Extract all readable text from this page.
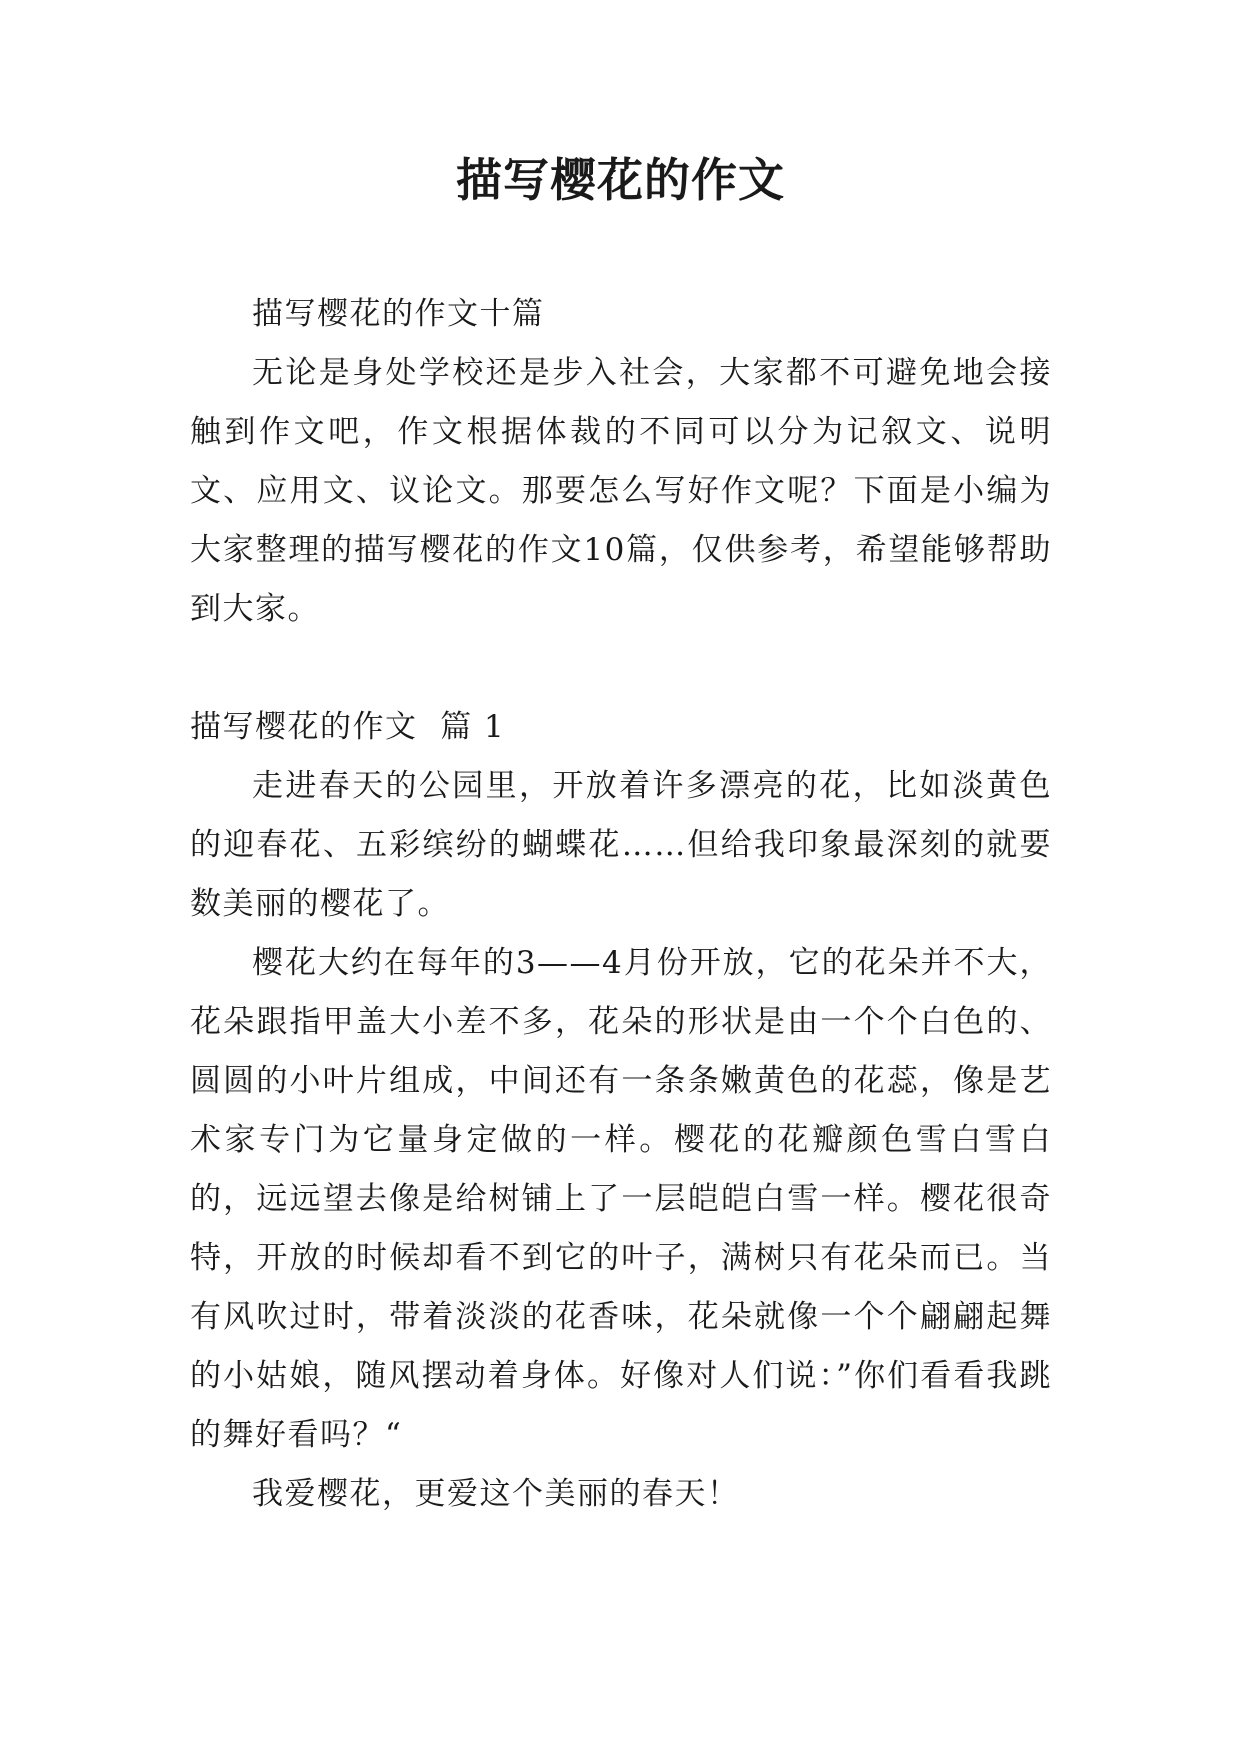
描写樱花的作文

描写樱花的作文十篇

无论是身处学校还是步入社会，大家都不可避免地会接触到作文吧，作文根据体裁的不同可以分为记叙文、说明文、应用文、议论文。那要怎么写好作文呢？下面是小编为大家整理的描写樱花的作文10篇，仅供参考，希望能够帮助到大家。

描写樱花的作文  篇 1

走进春天的公园里，开放着许多漂亮的花，比如淡黄色的迎春花、五彩缤纷的蝴蝶花……但给我印象最深刻的就要数美丽的樱花了。

樱花大约在每年的3——4月份开放，它的花朵并不大，花朵跟指甲盖大小差不多，花朵的形状是由一个个白色的、圆圆的小叶片组成，中间还有一条条嫩黄色的花蕊，像是艺术家专门为它量身定做的一样。樱花的花瓣颜色雪白雪白的，远远望去像是给树铺上了一层皑皑白雪一样。樱花很奇特，开放的时候却看不到它的叶子，满树只有花朵而已。当有风吹过时，带着淡淡的花香味，花朵就像一个个翩翩起舞的小姑娘，随风摆动着身体。好像对人们说：”你们看看我跳的舞好看吗？“

我爱樱花，更爱这个美丽的春天！
